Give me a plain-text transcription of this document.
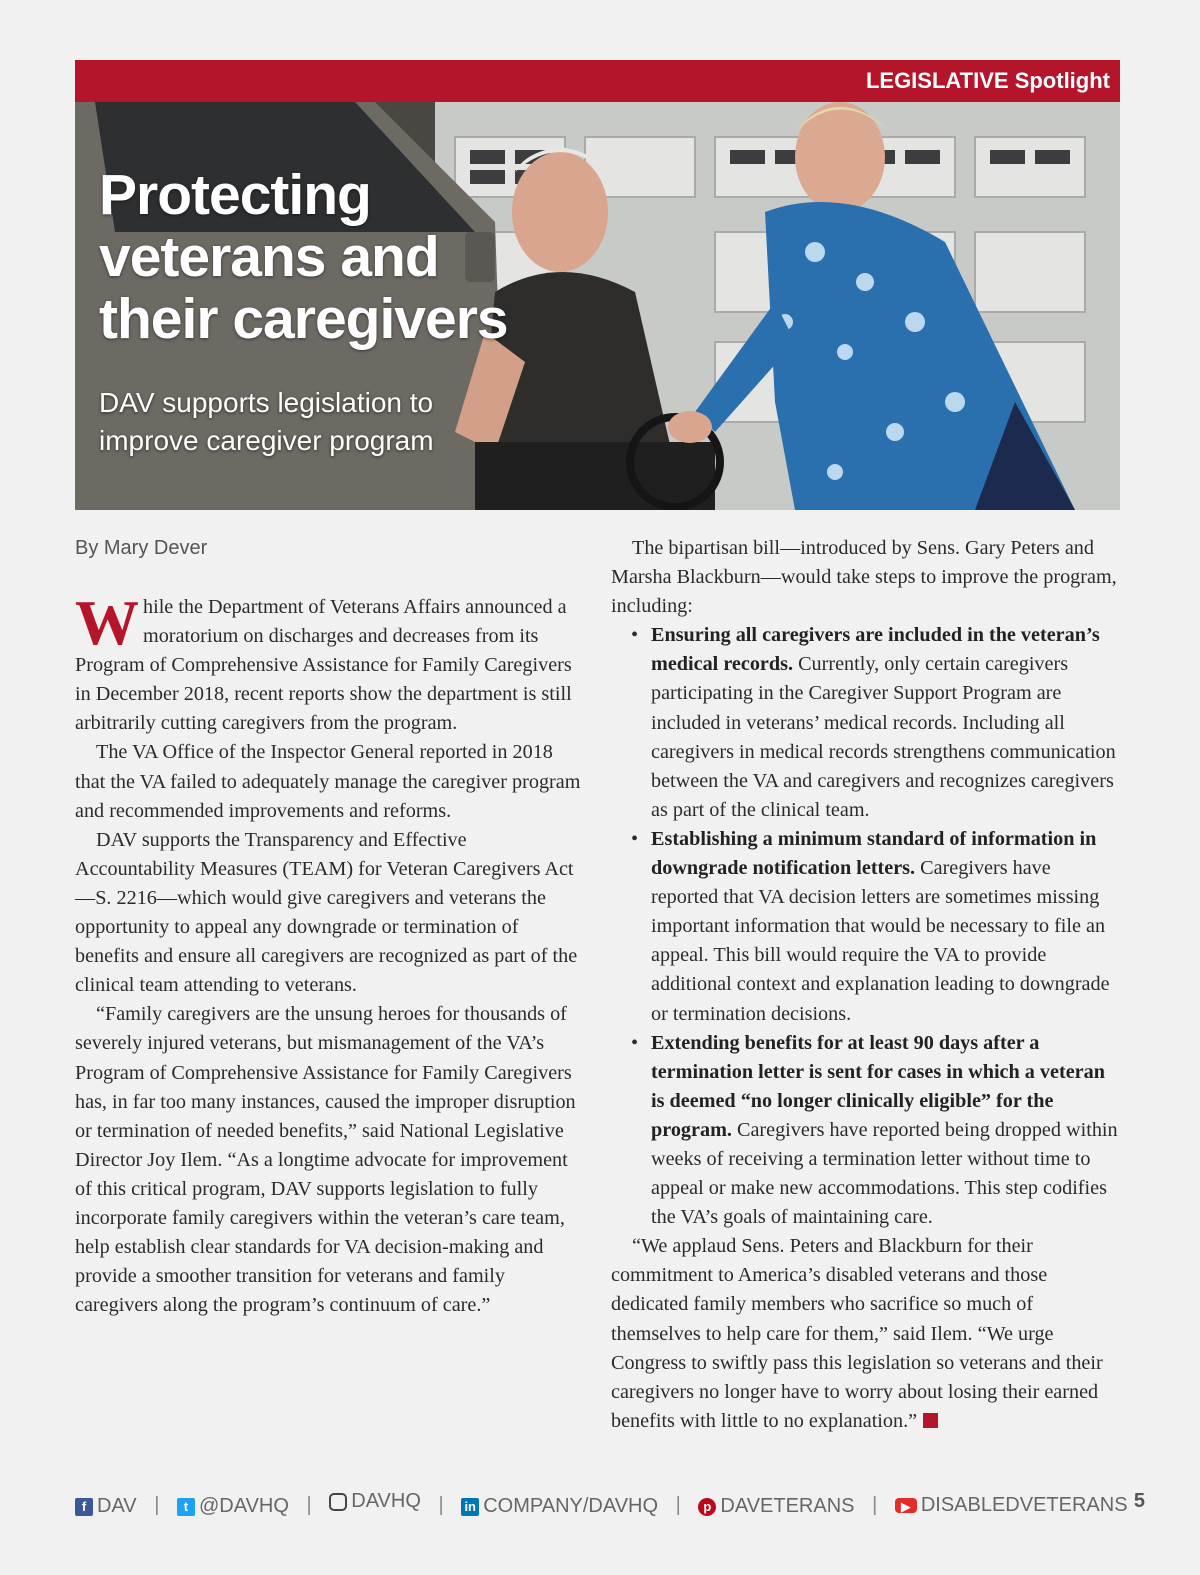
LEGISLATIVE Spotlight
Protecting veterans and their caregivers
DAV supports legislation to improve caregiver program
By Mary Dever

While the Department of Veterans Affairs announced a moratorium on discharges and decreases from its Program of Comprehensive Assistance for Family Caregivers in December 2018, recent reports show the department is still arbitrarily cutting caregivers from the program.

The VA Office of the Inspector General reported in 2018 that the VA failed to adequately manage the caregiver program and recommended improvements and reforms.

DAV supports the Transparency and Effective Accountability Measures (TEAM) for Veteran Caregivers Act—S. 2216—which would give caregivers and veterans the opportunity to appeal any downgrade or termination of benefits and ensure all caregivers are recognized as part of the clinical team attending to veterans.

“Family caregivers are the unsung heroes for thousands of severely injured veterans, but mismanagement of the VA’s Program of Comprehensive Assistance for Family Caregivers has, in far too many instances, caused the improper disruption or termination of needed benefits,” said National Legislative Director Joy Ilem. “As a longtime advocate for improvement of this critical program, DAV supports legislation to fully incorporate family caregivers within the veteran’s care team, help establish clear standards for VA decision-making and provide a smoother transition for veterans and family caregivers along the program’s continuum of care.”

The bipartisan bill—introduced by Sens. Gary Peters and Marsha Blackburn—would take steps to improve the program, including:

• Ensuring all caregivers are included in the veteran’s medical records. Currently, only certain caregivers participating in the Caregiver Support Program are included in veterans’ medical records. Including all caregivers in medical records strengthens communication between the VA and caregivers and recognizes caregivers as part of the clinical team.
• Establishing a minimum standard of information in downgrade notification letters. Caregivers have reported that VA decision letters are sometimes missing important information that would be necessary to file an appeal. This bill would require the VA to provide additional context and explanation leading to downgrade or termination decisions.
• Extending benefits for at least 90 days after a termination letter is sent for cases in which a veteran is deemed “no longer clinically eligible” for the program. Caregivers have reported being dropped within weeks of receiving a termination letter without time to appeal or make new accommodations. This step codifies the VA’s goals of maintaining care.

“We applaud Sens. Peters and Blackburn for their commitment to America’s disabled veterans and those dedicated family members who sacrifice so much of themselves to help care for them,” said Ilem. “We urge Congress to swiftly pass this legislation so veterans and their caregivers no longer have to worry about losing their earned benefits with little to no explanation.”

f DAV |	t @DAVHQ | DAVHQ | in COMPANY/DAVHQ |	p DAVETERANS |	▶ DISABLEDVETERANS 5
